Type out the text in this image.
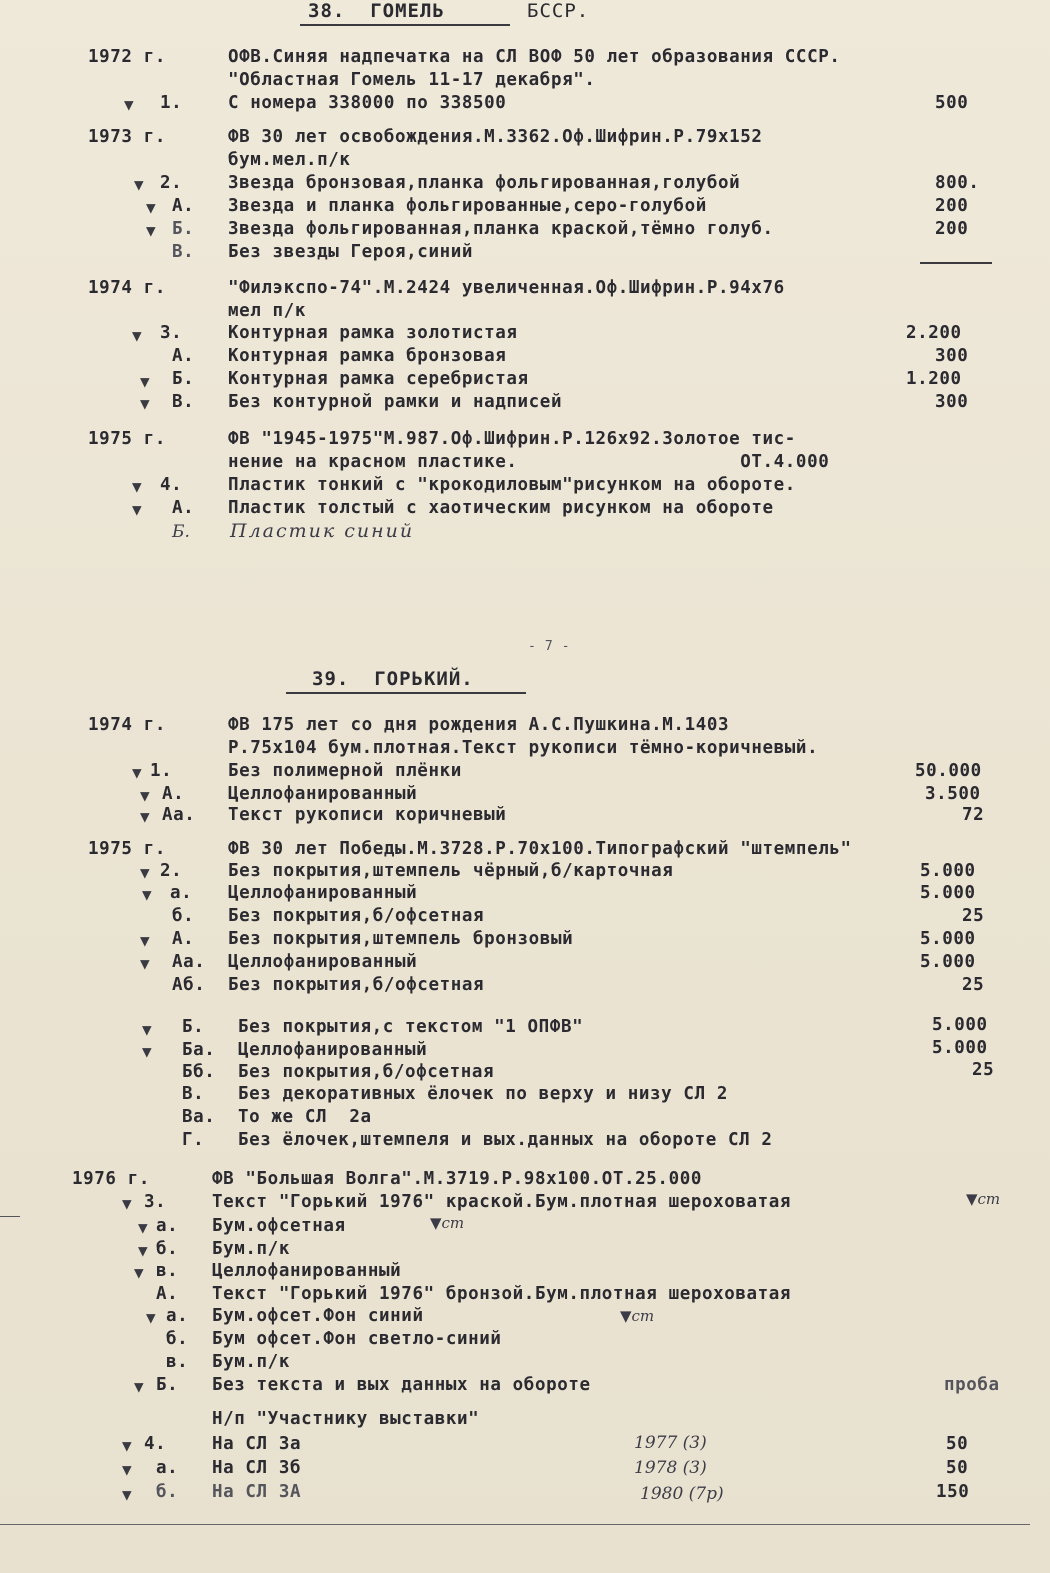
38.  ГОМЕЛЬ	БССР.
1972 г.	ОФВ.Синяя надпечатка на СЛ ВОФ 50 лет образования СССР.
"Областная Гомель 11-17 декабря".
▼ 1.	С номера 338000 по 338500	500
1973 г.	ФВ 30 лет освобождения.М.3362.Оф.Шифрин.Р.79х152
бум.мел.п/к
▼ 2.	Звезда бронзовая,планка фольгированная,голубой	800.
▼ А. Звезда и планка фольгированные,серо-голубой	200
▼ Б. Звезда фольгированная,планка краской,тёмно голуб.	200
В. Без звезды Героя,синий
1974 г.	"Филэкспо-74".М.2424 увеличенная.Оф.Шифрин.Р.94х76
мел п/к
▼ 3.	Контурная рамка золотистая	2.200
А. Контурная рамка бронзовая	300
▼ Б. Контурная рамка серебристая	1.200
▼ В. Без контурной рамки и надписей	300
1975 г.	ФВ "1945-1975"М.987.Оф.Шифрин.Р.126х92.Золотое тис-
нение на красном пластике.                    ОТ.4.000
▼ 4.	Пластик тонкий с "крокодиловым"рисунком на обороте.
▼ А. Пластик толстый с хаотическим рисунком на обороте
Б. Пластик синий
- 7 -
39.  ГОРЬКИЙ.
1974 г.	ФВ 175 лет со дня рождения А.С.Пушкина.М.1403
Р.75х104 бум.плотная.Текст рукописи тёмно-коричневый.
▼ 1.	Без полимерной плёнки	50.000
▼ А. Целлофанированный	3.500
▼ Аа. Текст рукописи коричневый	72
1975 г.	ФВ 30 лет Победы.М.3728.Р.70х100.Типографский "штемпель"
▼ 2.	Без покрытия,штемпель чёрный,б/карточная	5.000
▼ а. Целлофанированный	5.000
б. Без покрытия,б/офсетная	25
▼ А. Без покрытия,штемпель бронзовый	5.000
▼ Аа. Целлофанированный	5.000
Аб. Без покрытия,б/офсетная	25
▼ Б. Без покрытия,с текстом "1 ОПФВ"	5.000
▼ Ба. Целлофанированный	5.000
Бб. Без покрытия,б/офсетная	25
В. Без декоративных ёлочек по верху и низу СЛ 2
Ва. То же СЛ  2а
Г. Без ёлочек,штемпеля и вых.данных на обороте СЛ 2
1976 г.	ФВ "Большая Волга".М.3719.Р.98х100.ОТ.25.000
▼ 3.	Текст "Горький 1976" краской.Бум.плотная шероховатая	▼ст
▼ а. Бум.офсетная	▼ст
▼ б. Бум.п/к
▼ в. Целлофанированный
А. Текст "Горький 1976" бронзой.Бум.плотная шероховатая
▼ а. Бум.офсет.Фон синий	▼ст
б. Бум офсет.Фон светло-синий
в. Бум.п/к
▼ Б. Без текста и вых данных на обороте	проба
Н/п "Участнику выставки"
▼ 4.	На СЛ 3а	1977 (3)	50
▼ а. На СЛ 3б	1978 (3)	50
▼ б. На СЛ 3А	1980 (7р)	150
